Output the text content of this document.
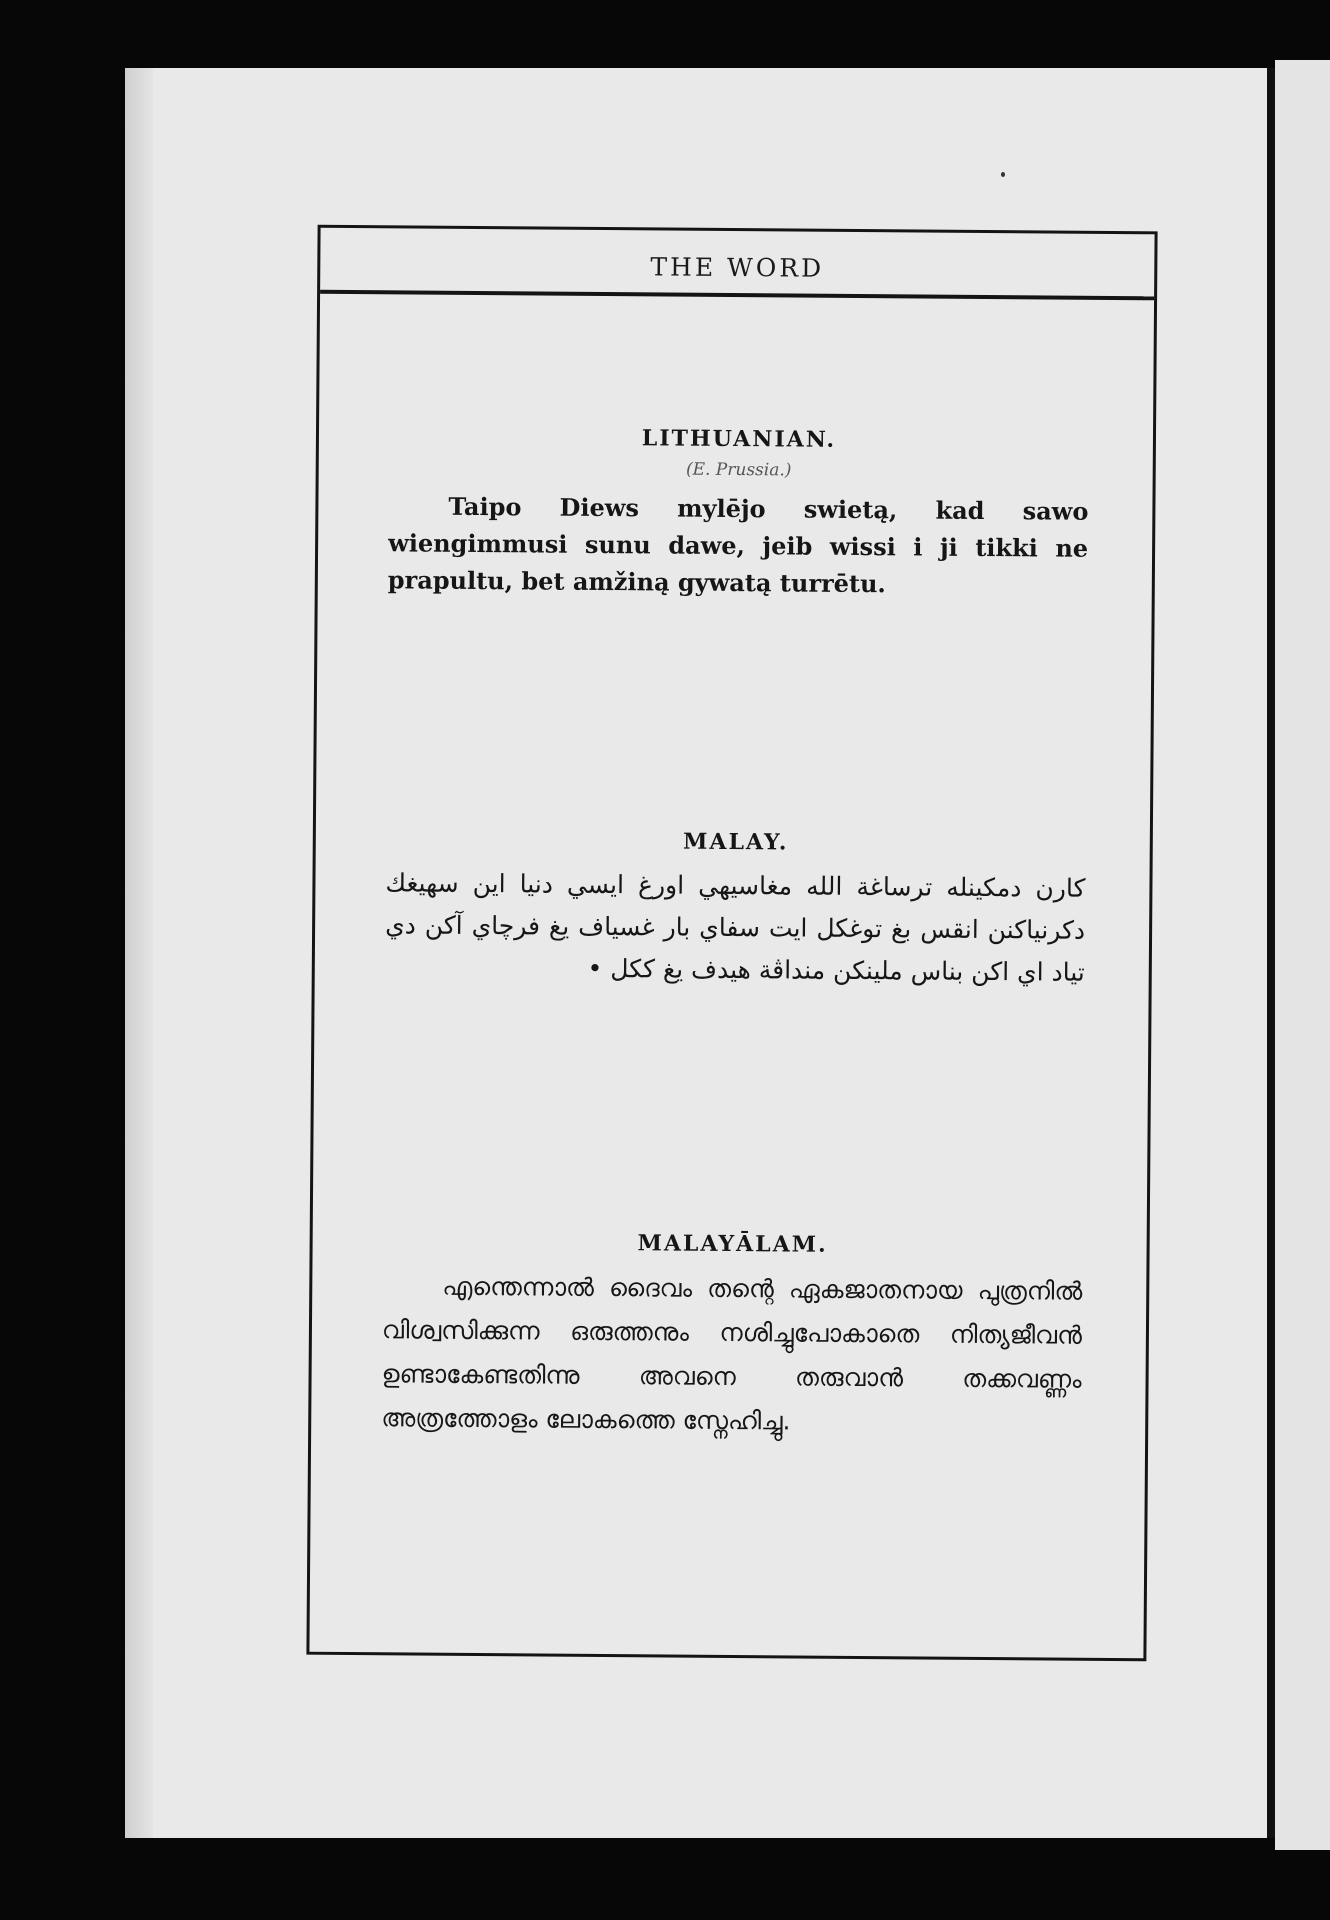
THE WORD
LITHUANIAN.
(E. Prussia.)
Taipo Diews mylējo swietą, kad sawo wiengimmusi sunu dawe, jeib wissi i ji tikki ne prapultu, bet amžiną gywatą turrētu.
MALAY.
كارن دمكينله ترساغة الله مغاسيهي اورغ ايسي دنيا اين سهيغك دكرنياكنن انقس بغ توغكل ايت سفاي بار غسياف يغ فرچاي آكن دي تياد اي اكن بناس ملينكن منداڤة هيدف يغ ككل •
MALAYĀLAM.
എന്തെന്നാൽ ദൈവം തന്റെ ഏകജാതനായ പുത്രനിൽ വിശ്വസിക്കുന്ന ഒരുത്തനും നശിച്ചുപോകാതെ നിത്യജീവൻ ഉണ്ടാകേണ്ടതിന്നു അവനെ തരുവാൻ തക്കവണ്ണം അത്രത്തോളം ലോകത്തെ സ്നേഹിച്ചു.
